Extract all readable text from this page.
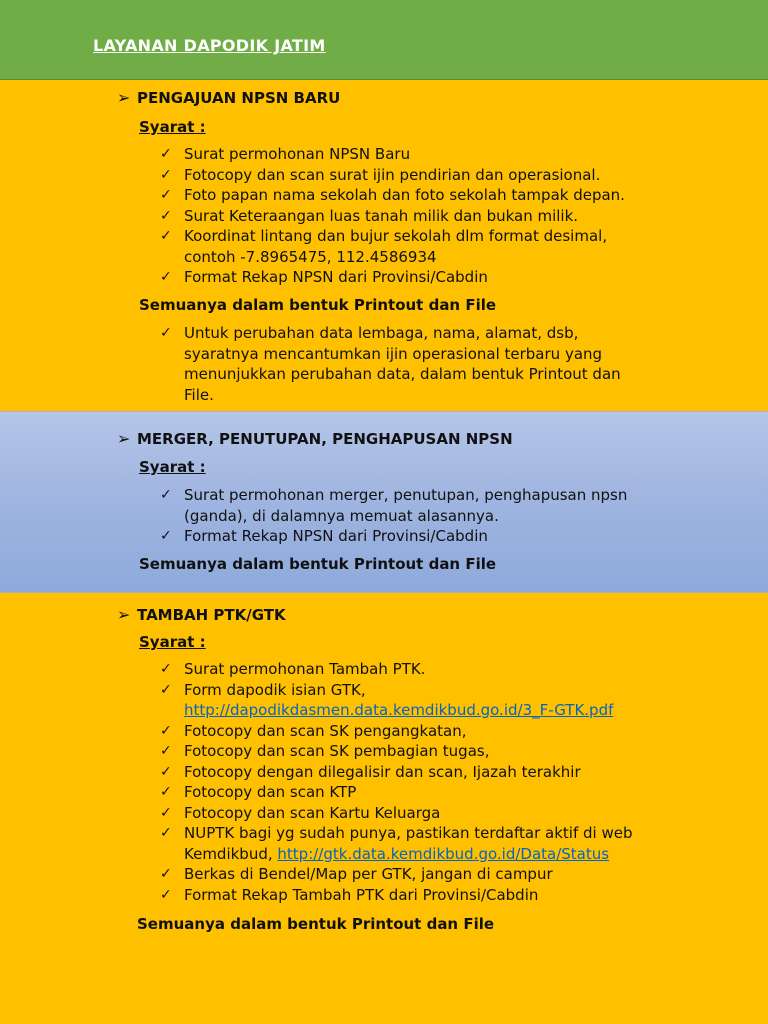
LAYANAN DAPODIK JATIM
➢ PENGAJUAN NPSN BARU
Syarat :
✓ Surat permohonan NPSN Baru
✓ Fotocopy dan scan surat ijin pendirian dan operasional.
✓ Foto papan nama sekolah dan foto sekolah tampak depan.
✓ Surat Keteraangan luas tanah milik dan bukan milik.
✓ Koordinat lintang dan bujur sekolah dlm format desimal,
contoh -7.8965475, 112.4586934
✓ Format Rekap NPSN dari Provinsi/Cabdin
Semuanya dalam bentuk Printout dan File
✓ Untuk perubahan data lembaga, nama, alamat, dsb,
syaratnya mencantumkan ijin operasional terbaru yang
menunjukkan perubahan data, dalam bentuk Printout dan
File.
➢ MERGER, PENUTUPAN, PENGHAPUSAN NPSN
Syarat :
✓ Surat permohonan merger, penutupan, penghapusan npsn
(ganda), di dalamnya memuat alasannya.
✓ Format Rekap NPSN dari Provinsi/Cabdin
Semuanya dalam bentuk Printout dan File
➢ TAMBAH PTK/GTK
Syarat :
✓ Surat permohonan Tambah PTK.
✓ Form dapodik isian GTK,
http://dapodikdasmen.data.kemdikbud.go.id/3_F-GTK.pdf
✓ Fotocopy dan scan SK pengangkatan,
✓ Fotocopy dan scan SK pembagian tugas,
✓ Fotocopy dengan dilegalisir dan scan, Ijazah terakhir
✓ Fotocopy dan scan KTP
✓ Fotocopy dan scan Kartu Keluarga
✓ NUPTK bagi yg sudah punya, pastikan terdaftar aktif di web
Kemdikbud, http://gtk.data.kemdikbud.go.id/Data/Status
✓ Berkas di Bendel/Map per GTK, jangan di campur
✓ Format Rekap Tambah PTK dari Provinsi/Cabdin
Semuanya dalam bentuk Printout dan File
